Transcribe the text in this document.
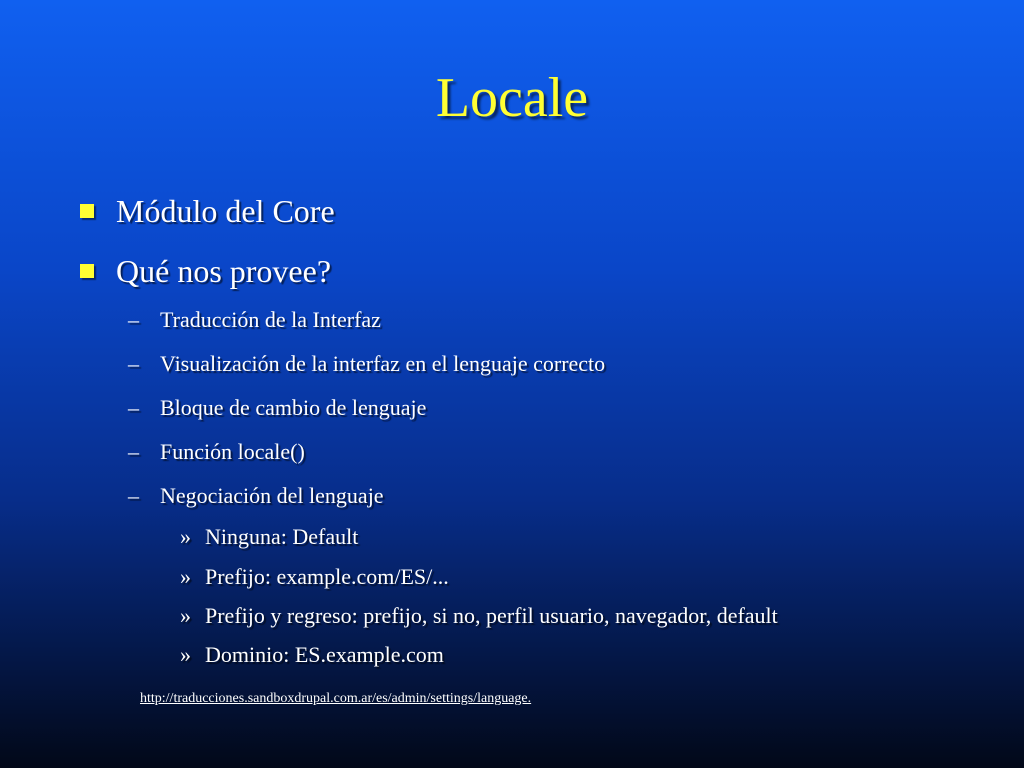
Locale
Módulo del Core
Qué nos provee?
– Traducción de la Interfaz
– Visualización de la interfaz en el lenguaje correcto
– Bloque de cambio de lenguaje
– Función locale()
– Negociación del lenguaje
» Ninguna: Default
» Prefijo: example.com/ES/...
» Prefijo y regreso: prefijo, si no, perfil usuario, navegador, default
» Dominio: ES.example.com
http://traducciones.sandboxdrupal.com.ar/es/admin/settings/language.
